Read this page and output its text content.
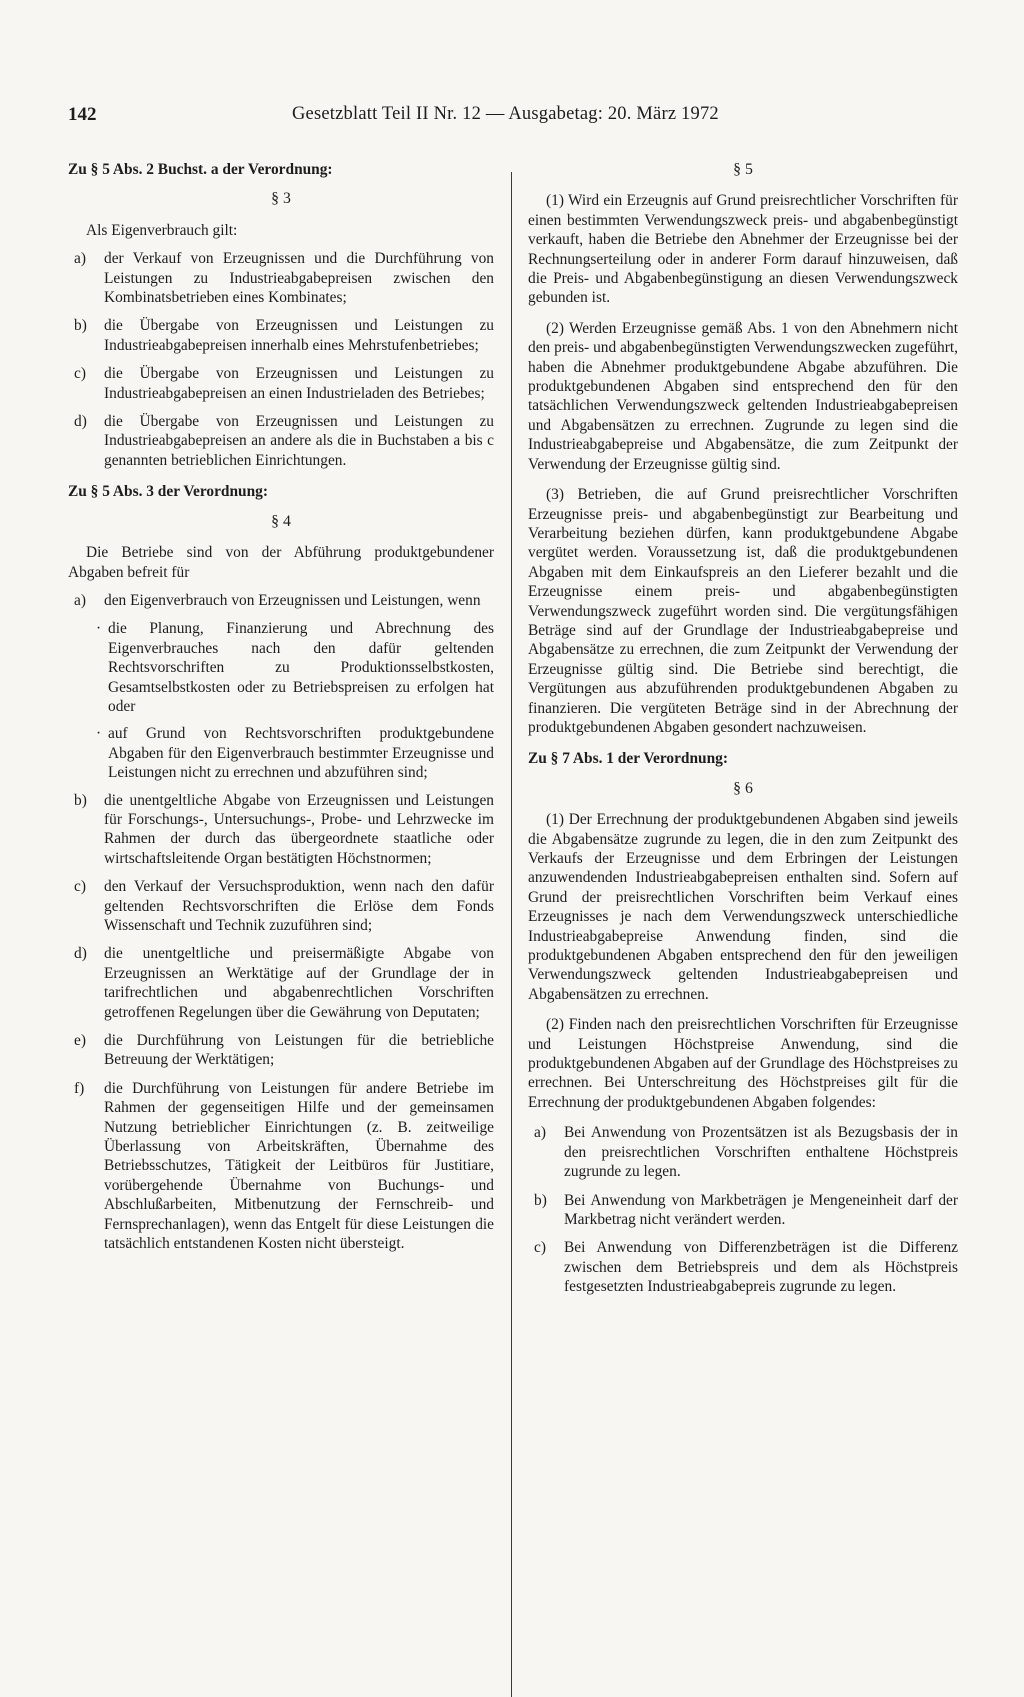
142	Gesetzblatt Teil II Nr. 12 — Ausgabetag: 20. März 1972

Zu § 5 Abs. 2 Buchst. a der Verordnung:

§ 3

Als Eigenverbrauch gilt:

a)	der Verkauf von Erzeugnissen und die Durchführung von Leistungen zu Industrieabgabepreisen zwischen den Kombinatsbetrieben eines Kombinates;
b)	die Übergabe von Erzeugnissen und Leistungen zu Industrieabgabepreisen innerhalb eines Mehrstufenbetriebes;
c)	die Übergabe von Erzeugnissen und Leistungen zu Industrieabgabepreisen an einen Industrieladen des Betriebes;
d)	die Übergabe von Erzeugnissen und Leistungen zu Industrieabgabepreisen an andere als die in Buchstaben a bis c genannten betrieblichen Einrichtungen.

Zu § 5 Abs. 3 der Verordnung:

§ 4

Die Betriebe sind von der Abführung produktgebundener Abgaben befreit für

a)	den Eigenverbrauch von Erzeugnissen und Leistungen, wenn
· die Planung, Finanzierung und Abrechnung des Eigenverbrauches nach den dafür geltenden Rechtsvorschriften zu Produktionsselbstkosten, Gesamtselbstkosten oder zu Betriebspreisen zu erfolgen hat oder
· auf Grund von Rechtsvorschriften produktgebundene Abgaben für den Eigenverbrauch bestimmter Erzeugnisse und Leistungen nicht zu errechnen und abzuführen sind;
b)	die unentgeltliche Abgabe von Erzeugnissen und Leistungen für Forschungs-, Untersuchungs-, Probe- und Lehrzwecke im Rahmen der durch das übergeordnete staatliche oder wirtschaftsleitende Organ bestätigten Höchstnormen;
c)	den Verkauf der Versuchsproduktion, wenn nach den dafür geltenden Rechtsvorschriften die Erlöse dem Fonds Wissenschaft und Technik zuzuführen sind;
d)	die unentgeltliche und preisermäßigte Abgabe von Erzeugnissen an Werktätige auf der Grundlage der in tarifrechtlichen und abgabenrechtlichen Vorschriften getroffenen Regelungen über die Gewährung von Deputaten;
e)	die Durchführung von Leistungen für die betriebliche Betreuung der Werktätigen;
f)	die Durchführung von Leistungen für andere Betriebe im Rahmen der gegenseitigen Hilfe und der gemeinsamen Nutzung betrieblicher Einrichtungen (z. B. zeitweilige Überlassung von Arbeitskräften, Übernahme des Betriebsschutzes, Tätigkeit der Leitbüros für Justitiare, vorübergehende Übernahme von Buchungs- und Abschlußarbeiten, Mitbenutzung der Fernschreib- und Fernsprechanlagen), wenn das Entgelt für diese Leistungen die tatsächlich entstandenen Kosten nicht übersteigt.

§ 5

(1) Wird ein Erzeugnis auf Grund preisrechtlicher Vorschriften für einen bestimmten Verwendungszweck preis- und abgabenbegünstigt verkauft, haben die Betriebe den Abnehmer der Erzeugnisse bei der Rechnungserteilung oder in anderer Form darauf hinzuweisen, daß die Preis- und Abgabenbegünstigung an diesen Verwendungszweck gebunden ist.

(2) Werden Erzeugnisse gemäß Abs. 1 von den Abnehmern nicht den preis- und abgabenbegünstigten Verwendungszwecken zugeführt, haben die Abnehmer produktgebundene Abgabe abzuführen. Die produktgebundenen Abgaben sind entsprechend den für den tatsächlichen Verwendungszweck geltenden Industrieabgabepreisen und Abgabensätzen zu errechnen. Zugrunde zu legen sind die Industrieabgabepreise und Abgabensätze, die zum Zeitpunkt der Verwendung der Erzeugnisse gültig sind.

(3) Betrieben, die auf Grund preisrechtlicher Vorschriften Erzeugnisse preis- und abgabenbegünstigt zur Bearbeitung und Verarbeitung beziehen dürfen, kann produktgebundene Abgabe vergütet werden. Voraussetzung ist, daß die produktgebundenen Abgaben mit dem Einkaufspreis an den Lieferer bezahlt und die Erzeugnisse einem preis- und abgabenbegünstigten Verwendungszweck zugeführt worden sind. Die vergütungsfähigen Beträge sind auf der Grundlage der Industrieabgabepreise und Abgabensätze zu errechnen, die zum Zeitpunkt der Verwendung der Erzeugnisse gültig sind. Die Betriebe sind berechtigt, die Vergütungen aus abzuführenden produktgebundenen Abgaben zu finanzieren. Die vergüteten Beträge sind in der Abrechnung der produktgebundenen Abgaben gesondert nachzuweisen.

Zu § 7 Abs. 1 der Verordnung:

§ 6

(1) Der Errechnung der produktgebundenen Abgaben sind jeweils die Abgabensätze zugrunde zu legen, die in den zum Zeitpunkt des Verkaufs der Erzeugnisse und dem Erbringen der Leistungen anzuwendenden Industrieabgabepreisen enthalten sind. Sofern auf Grund der preisrechtlichen Vorschriften beim Verkauf eines Erzeugnisses je nach dem Verwendungszweck unterschiedliche Industrieabgabepreise Anwendung finden, sind die produktgebundenen Abgaben entsprechend den für den jeweiligen Verwendungszweck geltenden Industrieabgabepreisen und Abgabensätzen zu errechnen.

(2) Finden nach den preisrechtlichen Vorschriften für Erzeugnisse und Leistungen Höchstpreise Anwendung, sind die produktgebundenen Abgaben auf der Grundlage des Höchstpreises zu errechnen. Bei Unterschreitung des Höchstpreises gilt für die Errechnung der produktgebundenen Abgaben folgendes:

a)	Bei Anwendung von Prozentsätzen ist als Bezugsbasis der in den preisrechtlichen Vorschriften enthaltene Höchstpreis zugrunde zu legen.
b)	Bei Anwendung von Markbeträgen je Mengeneinheit darf der Markbetrag nicht verändert werden.
c)	Bei Anwendung von Differenzbeträgen ist die Differenz zwischen dem Betriebspreis und dem als Höchstpreis festgesetzten Industrieabgabepreis zugrunde zu legen.
